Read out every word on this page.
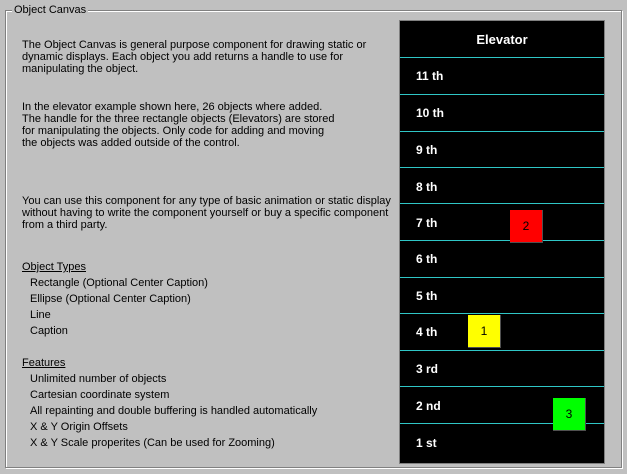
Object Canvas
The Object Canvas is general purpose component for drawing static or
dynamic displays. Each object you add returns a handle to use for
manipulating the object.
In the elevator example shown here, 26 objects where added.
The handle for the three rectangle objects (Elevators) are stored
for manipulating the objects. Only code for adding and moving
the objects was added outside of the control.
You can use this component for any type of basic animation or static display
without having to write the component yourself or buy a specific component
from a third party.
Object Types
Rectangle (Optional Center Caption)
Ellipse (Optional Center Caption)
Line
Caption
Features
Unlimited number of objects
Cartesian coordinate system
All repainting and double buffering is handled automatically
X & Y Origin Offsets
X & Y Scale properites (Can be used for Zooming)
Elevator
11 th
10 th
9 th
8 th
7 th
6 th
5 th
4 th
3 rd
2 nd
1 st
1
2
3
